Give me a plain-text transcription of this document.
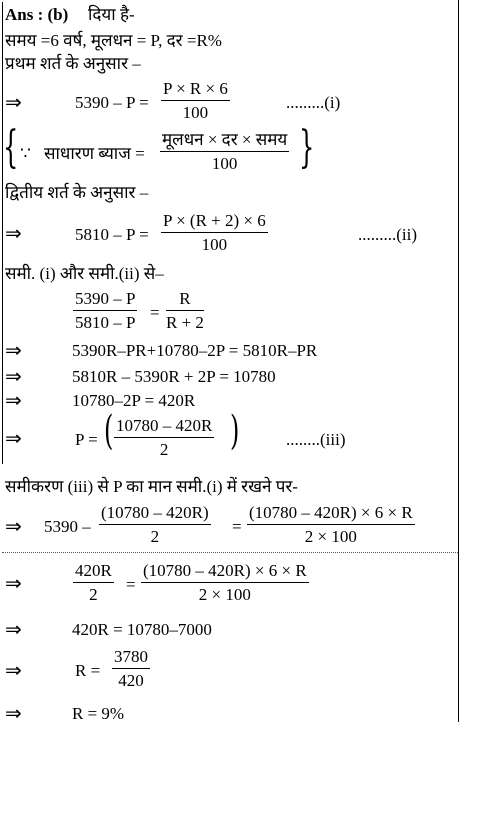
Ans : (b) दिया है-
समय =6 वर्ष, मूलधन = P, दर =R%
प्रथम शर्त के अनुसार –
⇒	5390 – P =
P × R × 6
100
.........(i)
{ ∵ साधारण ब्याज =
मूलधन × दर × समय
100 }
द्वितीय शर्त के अनुसार –
⇒	5810 – P =
P × (R + 2) × 6
100
.........(ii)
समी. (i) और समी.(ii) से–
5390 – P
5810 – P
=
R
R + 2
⇒	5390R–PR+10780–2P = 5810R–PR
⇒	5810R – 5390R + 2P = 10780
⇒	10780–2P = 420R
⇒	P = ( 10780 – 420R
2 )	........(iii)
समीकरण (iii) से P का मान समी.(i) में रखने पर-
⇒ 5390 –
(10780 – 420R)
2
=
(10780 – 420R) × 6 × R
2 × 100
⇒
420R
2
=
(10780 – 420R) × 6 × R
2 × 100
⇒	420R = 10780–7000
⇒	R =
3780
420
⇒	R = 9%
